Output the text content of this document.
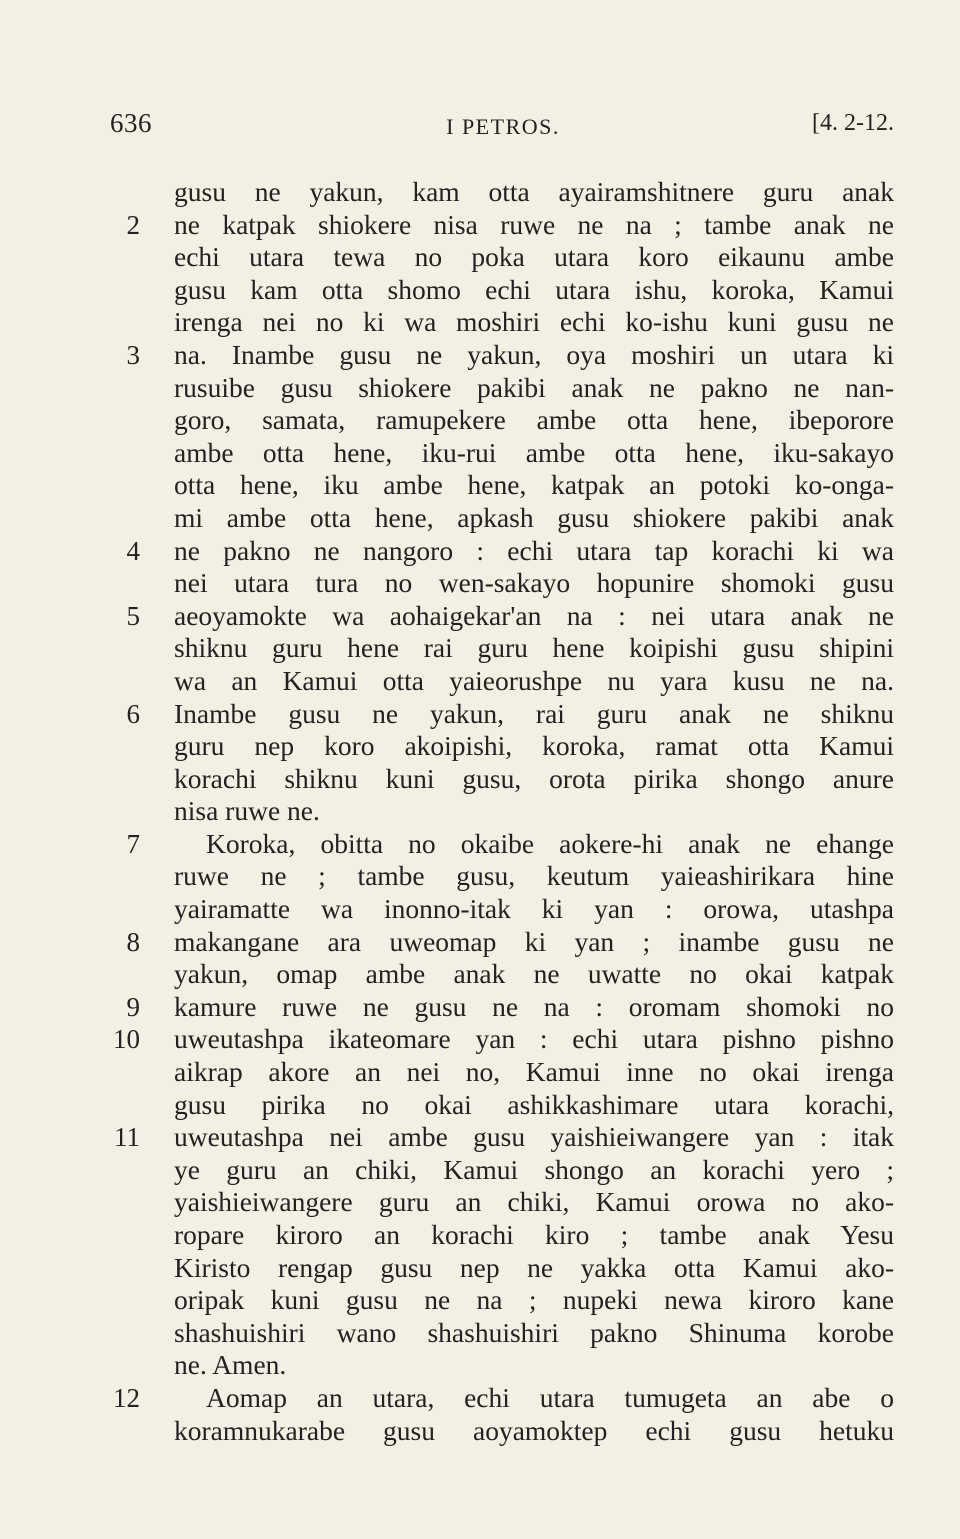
636	I PETROS.	[4. 2-12.
gusu ne yakun, kam otta ayairamshitnere guru anak
2 ne katpak shiokere nisa ruwe ne na ; tambe anak ne
echi utara tewa no poka utara koro eikaunu ambe
gusu kam otta shomo echi utara ishu, koroka, Kamui
irenga nei no ki wa moshiri echi ko-ishu kuni gusu ne
3 na. Inambe gusu ne yakun, oya moshiri un utara ki
rusuibe gusu shiokere pakibi anak ne pakno ne nan-
goro, samata, ramupekere ambe otta hene, ibeporore
ambe otta hene, iku-rui ambe otta hene, iku-sakayo
otta hene, iku ambe hene, katpak an potoki ko-onga-
mi ambe otta hene, apkash gusu shiokere pakibi anak
4 ne pakno ne nangoro : echi utara tap korachi ki wa
nei utara tura no wen-sakayo hopunire shomoki gusu
5 aeoyamokte wa aohaigekar'an na : nei utara anak ne
shiknu guru hene rai guru hene koipishi gusu shipini
wa an Kamui otta yaieorushpe nu yara kusu ne na.
6 Inambe gusu ne yakun, rai guru anak ne shiknu
guru nep koro akoipishi, koroka, ramat otta Kamui
korachi shiknu kuni gusu, orota pirika shongo anure
nisa ruwe ne.
7 Koroka, obitta no okaibe aokere-hi anak ne ehange
ruwe ne ; tambe gusu, keutum yaieashirikara hine
yairamatte wa inonno-itak ki yan : orowa, utashpa
8 makangane ara uweomap ki yan ; inambe gusu ne
yakun, omap ambe anak ne uwatte no okai katpak
9 kamure ruwe ne gusu ne na : oromam shomoki no
10 uweutashpa ikateomare yan : echi utara pishno pishno
aikrap akore an nei no, Kamui inne no okai irenga
gusu pirika no okai ashikkashimare utara korachi,
11 uweutashpa nei ambe gusu yaishieiwangere yan : itak
ye guru an chiki, Kamui shongo an korachi yero ;
yaishieiwangere guru an chiki, Kamui orowa no ako-
ropare kiroro an korachi kiro ; tambe anak Yesu
Kiristo rengap gusu nep ne yakka otta Kamui ako-
oripak kuni gusu ne na ; nupeki newa kiroro kane
shashuishiri wano shashuishiri pakno Shinuma korobe
ne. Amen.
12 Aomap an utara, echi utara tumugeta an abe o
koramnukarabe gusu aoyamoktep echi gusu hetuku
